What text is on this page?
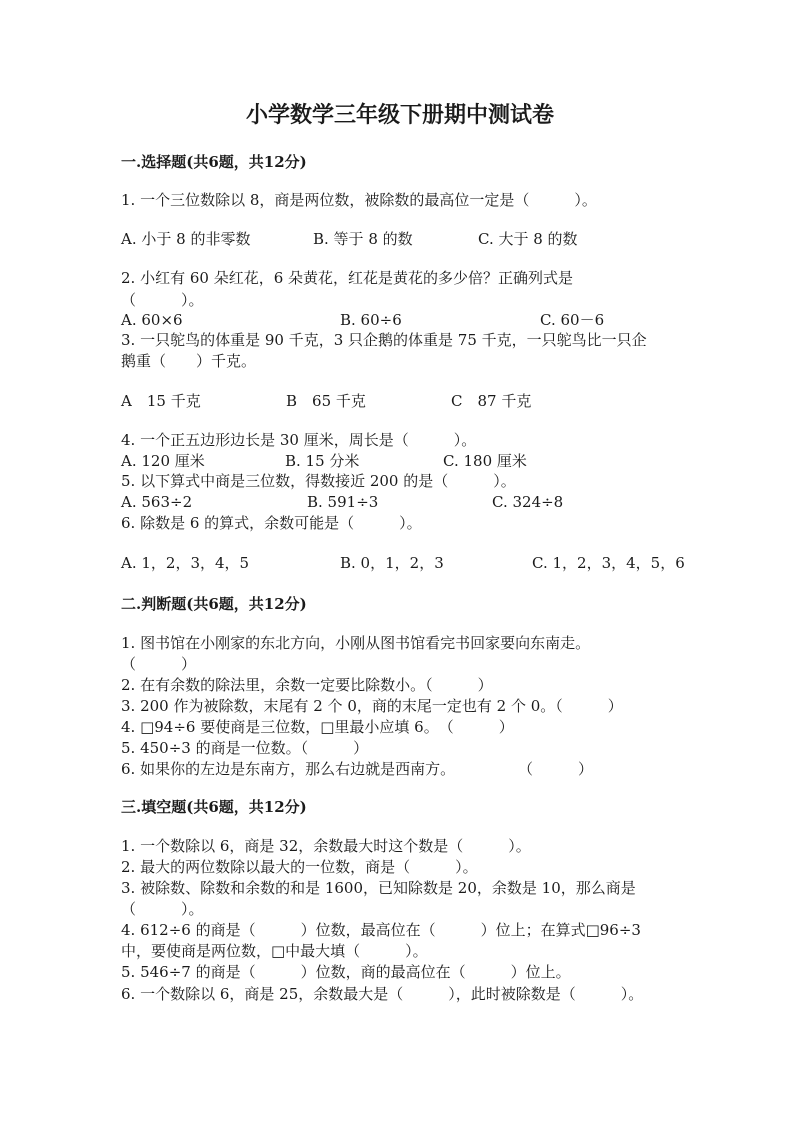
小学数学三年级下册期中测试卷
一.选择题(共6题，共12分)
1. 一个三位数除以 8，商是两位数，被除数的最高位一定是（　　　）。
A. 小于 8 的非零数	B. 等于 8 的数	C. 大于 8 的数
2. 小红有 60 朵红花，6 朵黄花，红花是黄花的多少倍？正确列式是
（　　　）。
A. 60×6	B. 60÷6	C. 60－6
3. 一只鸵鸟的体重是 90 千克，3 只企鹅的体重是 75 千克，一只鸵鸟比一只企
鹅重（　　）千克。
A　15 千克	B　65 千克	C　87 千克
4. 一个正五边形边长是 30 厘米，周长是（　　　）。
A. 120 厘米	B. 15 分米	C. 180 厘米
5. 以下算式中商是三位数，得数接近 200 的是（　　　）。
A. 563÷2	B. 591÷3	C. 324÷8
6. 除数是 6 的算式，余数可能是（　　　）。
A. 1，2，3，4，5	B. 0，1，2，3	C. 1，2，3，4，5，6
二.判断题(共6题，共12分)
1. 图书馆在小刚家的东北方向，小刚从图书馆看完书回家要向东南走。
（　　　）
2. 在有余数的除法里，余数一定要比除数小。（　　　）
3. 200 作为被除数，末尾有 2 个 0，商的末尾一定也有 2 个 0。（　　　）
4. □94÷6 要使商是三位数，□里最小应填 6。　（　　　）
5. 450÷3 的商是一位数。（　　　）
6. 如果你的左边是东南方，那么右边就是西南方。	（　　　）
三.填空题(共6题，共12分)
1. 一个数除以 6，商是 32，余数最大时这个数是（　　　）。
2. 最大的两位数除以最大的一位数，商是（　　　）。
3. 被除数、除数和余数的和是 1600，已知除数是 20，余数是 10，那么商是
（　　　）。
4. 612÷6 的商是（　　　）位数，最高位在（　　　）位上；在算式□96÷3
中，要使商是两位数，□中最大填（　　　）。
5. 546÷7 的商是（　　　）位数，商的最高位在（　　　）位上。
6. 一个数除以 6，商是 25，余数最大是（　　　），此时被除数是（　　　）。
